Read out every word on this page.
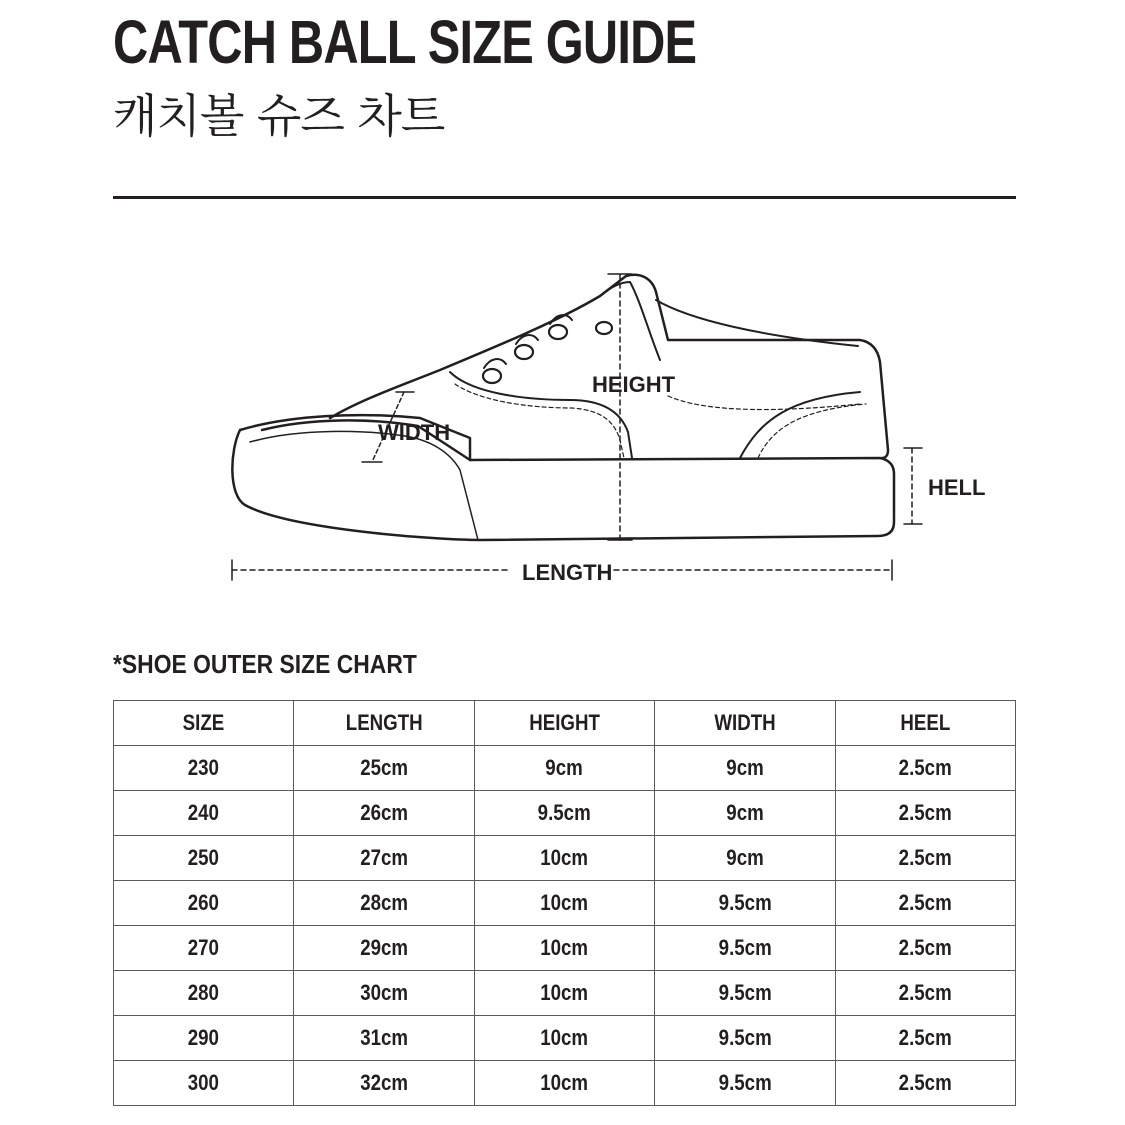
CATCH BALL SIZE GUIDE
캐치볼 슈즈 차트
HEIGHT
WIDTH
HELL
LENGTH

*SHOE OUTER SIZE CHART

SIZE	LENGTH	HEIGHT	WIDTH	HEEL
230	25cm	9cm	9cm	2.5cm
240	26cm	9.5cm	9cm	2.5cm
250	27cm	10cm	9cm	2.5cm
260	28cm	10cm	9.5cm	2.5cm
270	29cm	10cm	9.5cm	2.5cm
280	30cm	10cm	9.5cm	2.5cm
290	31cm	10cm	9.5cm	2.5cm
300	32cm	10cm	9.5cm	2.5cm
